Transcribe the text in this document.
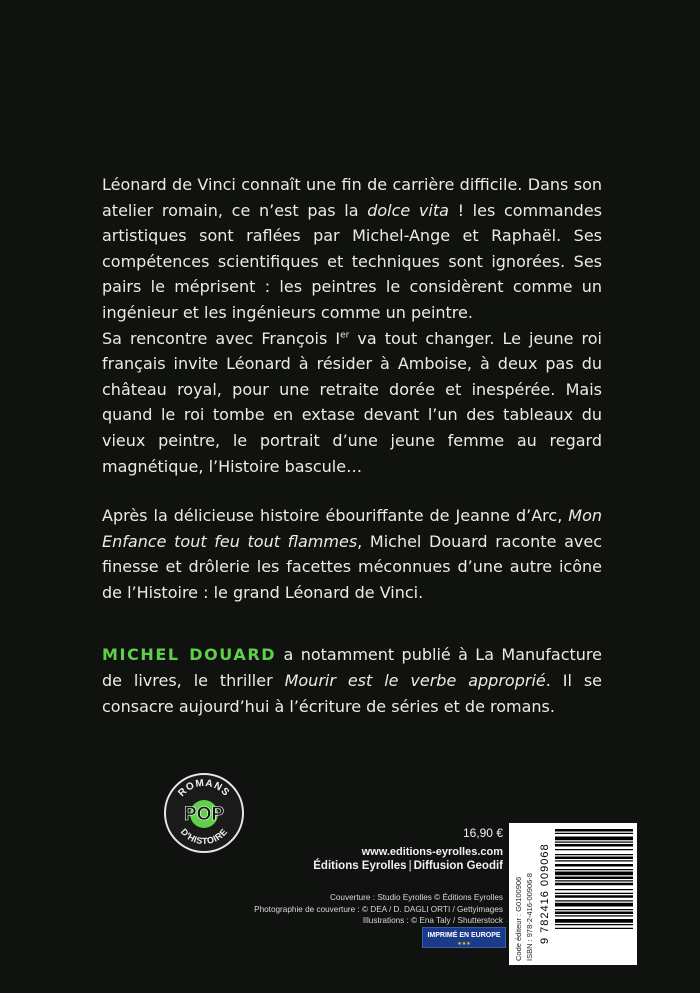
Léonard de Vinci connaît une fin de carrière difficile. Dans son atelier romain, ce n’est pas la dolce vita ! les commandes artistiques sont raflées par Michel-Ange et Raphaël. Ses compétences scientifiques et techniques sont ignorées. Ses pairs le méprisent : les peintres le considèrent comme un ingénieur et les ingénieurs comme un peintre.

Sa rencontre avec François Ier va tout changer. Le jeune roi français invite Léonard à résider à Amboise, à deux pas du château royal, pour une retraite dorée et inespérée. Mais quand le roi tombe en extase devant l’un des tableaux du vieux peintre, le portrait d’une jeune femme au regard magnétique, l’Histoire bascule…

Après la délicieuse histoire ébouriffante de Jeanne d’Arc, Mon Enfance tout feu tout flammes, Michel Douard raconte avec finesse et drôlerie les facettes méconnues d’une autre icône de l’Histoire : le grand Léonard de Vinci.

MICHEL DOUARD a notamment publié à La Manufacture de livres, le thriller Mourir est le verbe approprié. Il se consacre aujourd’hui à l’écriture de séries et de romans.

ROMANS
POP
D'HISTOIRE	16,90 €
www.editions-eyrolles.com
Éditions Eyrolles | Diffusion Geodif
Couverture : Studio Eyrolles © Éditions Eyrolles
Photographie de couverture : © DEA / D. DAGLI ORTI / Gettyimages
Illustrations : © Ena Taly / Shutterstock
IMPRIMÉ EN EUROPE
★★★	Code éditeur : G0100906 ISBN : 978-2-416-00906-8 9 782416 009068
